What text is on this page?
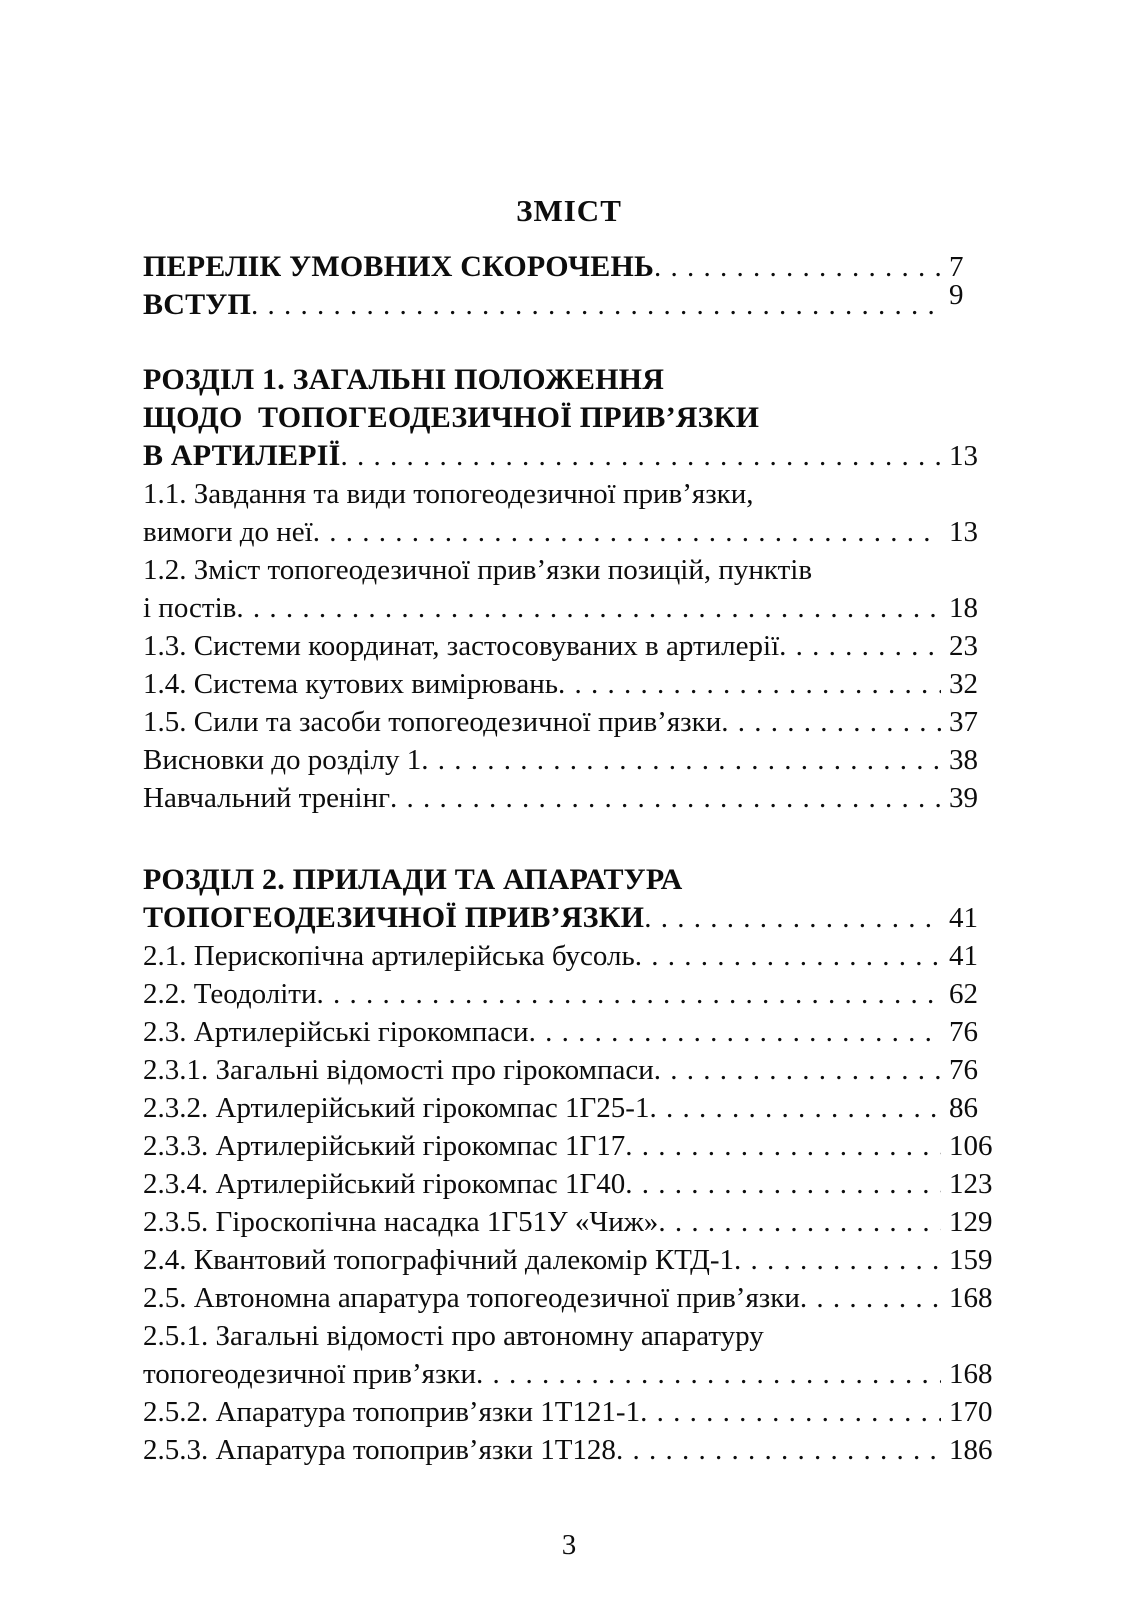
ЗМІСТ
ПЕРЕЛІК УМОВНИХ СКОРОЧЕНЬ . . .	7
ВСТУП . . .	9
РОЗДІЛ 1. ЗАГАЛЬНІ ПОЛОЖЕННЯ
ЩОДО  ТОПОГЕОДЕЗИЧНОЇ ПРИВ’ЯЗКИ
В АРТИЛЕРІЇ . . .	13
1.1. Завдання та види топогеодезичної прив’язки,
вимоги до неї . . .	13
1.2. Зміст топогеодезичної прив’язки позицій, пунктів
і постів . . .	18
1.3. Системи координат, застосовуваних в артилерії . . .	23
1.4. Система кутових вимірювань . . .	32
1.5. Сили та засоби топогеодезичної прив’язки . . .	37
Висновки до розділу 1 . . .	38
Навчальний тренінг . . .	39
РОЗДІЛ 2. ПРИЛАДИ ТА АПАРАТУРА
ТОПОГЕОДЕЗИЧНОЇ ПРИВ’ЯЗКИ . . .	41
2.1. Перископічна артилерійська бусоль . . .	41
2.2. Теодоліти . . .	62
2.3. Артилерійські гірокомпаси . . .	76
2.3.1. Загальні відомості про гірокомпаси . . .	76
2.3.2. Артилерійський гірокомпас 1Г25-1 . . .	86
2.3.3. Артилерійський гірокомпас 1Г17 . . .	106
2.3.4. Артилерійський гірокомпас 1Г40 . . .	123
2.3.5. Гіроскопічна насадка 1Г51У «Чиж» . . .	129
2.4. Квантовий топографічний далекомір КТД-1 . . .	159
2.5. Автономна апаратура топогеодезичної прив’язки . . .	168
2.5.1. Загальні відомості про автономну апаратуру
топогеодезичної прив’язки . . .	168
2.5.2. Апаратура топоприв’язки 1Т121-1 . . .	170
2.5.3. Апаратура топоприв’язки 1Т128 . . .	186
3
